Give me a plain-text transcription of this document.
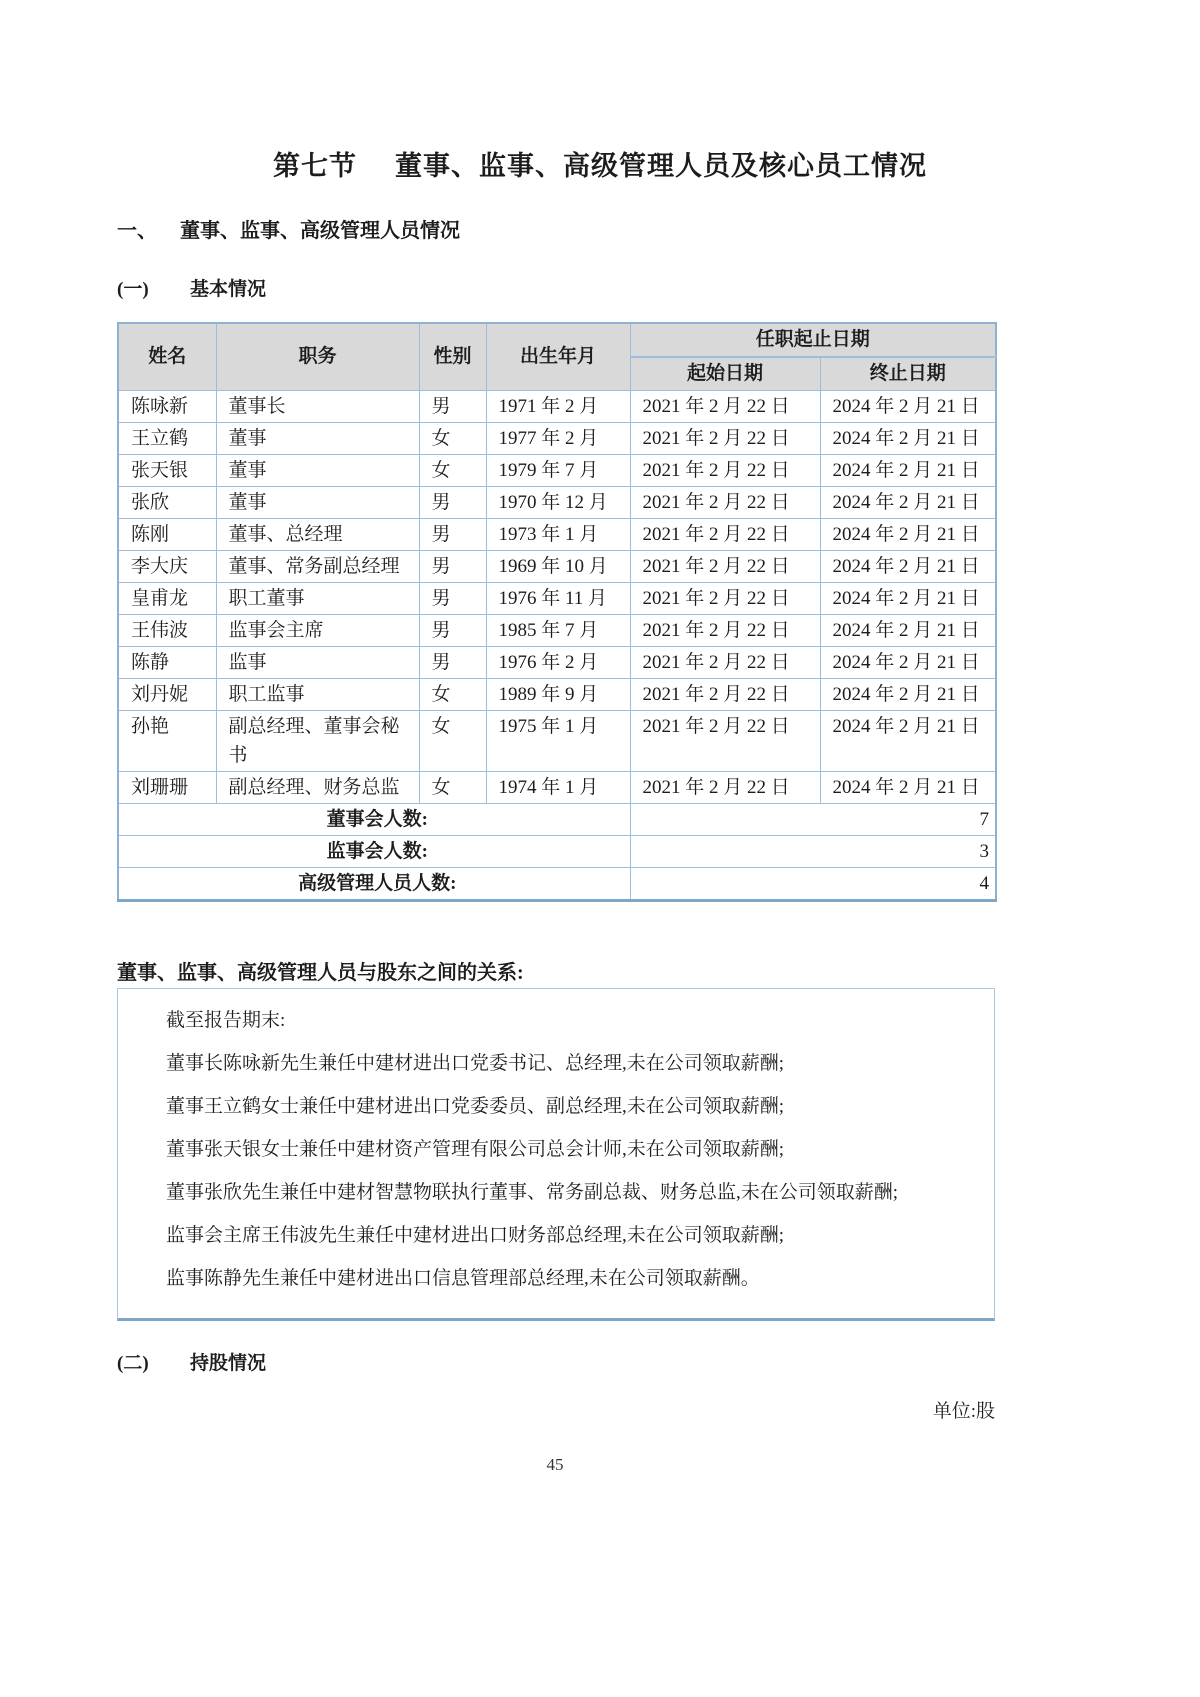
第七节 董事、监事、高级管理人员及核心员工情况
一、	董事、监事、高级管理人员情况
(一)	基本情况
姓名	职务	性别	出生年月	任职起止日期	
				起始日期	终止日期
陈咏新	董事长	男	1971 年 2 月	2021 年 2 月 22 日	2024 年 2 月 21 日
王立鹤	董事	女	1977 年 2 月	2021 年 2 月 22 日	2024 年 2 月 21 日
张天银	董事	女	1979 年 7 月	2021 年 2 月 22 日	2024 年 2 月 21 日
张欣	董事	男	1970 年 12 月	2021 年 2 月 22 日	2024 年 2 月 21 日
陈刚	董事、总经理	男	1973 年 1 月	2021 年 2 月 22 日	2024 年 2 月 21 日
李大庆	董事、常务副总经理	男	1969 年 10 月	2021 年 2 月 22 日	2024 年 2 月 21 日
皇甫龙	职工董事	男	1976 年 11 月	2021 年 2 月 22 日	2024 年 2 月 21 日
王伟波	监事会主席	男	1985 年 7 月	2021 年 2 月 22 日	2024 年 2 月 21 日
陈静	监事	男	1976 年 2 月	2021 年 2 月 22 日	2024 年 2 月 21 日
刘丹妮	职工监事	女	1989 年 9 月	2021 年 2 月 22 日	2024 年 2 月 21 日
孙艳	副总经理、董事会秘书	女	1975 年 1 月	2021 年 2 月 22 日	2024 年 2 月 21 日
刘珊珊	副总经理、财务总监	女	1974 年 1 月	2021 年 2 月 22 日	2024 年 2 月 21 日
董事会人数:				7	
监事会人数:				3	
高级管理人员人数:				4	
董事、监事、高级管理人员与股东之间的关系:

截至报告期末:

董事长陈咏新先生兼任中建材进出口党委书记、总经理,未在公司领取薪酬;

董事王立鹤女士兼任中建材进出口党委委员、副总经理,未在公司领取薪酬;

董事张天银女士兼任中建材资产管理有限公司总会计师,未在公司领取薪酬;

董事张欣先生兼任中建材智慧物联执行董事、常务副总裁、财务总监,未在公司领取薪酬;

监事会主席王伟波先生兼任中建材进出口财务部总经理,未在公司领取薪酬;

监事陈静先生兼任中建材进出口信息管理部总经理,未在公司领取薪酬。

(二)	持股情况
单位:股
45
